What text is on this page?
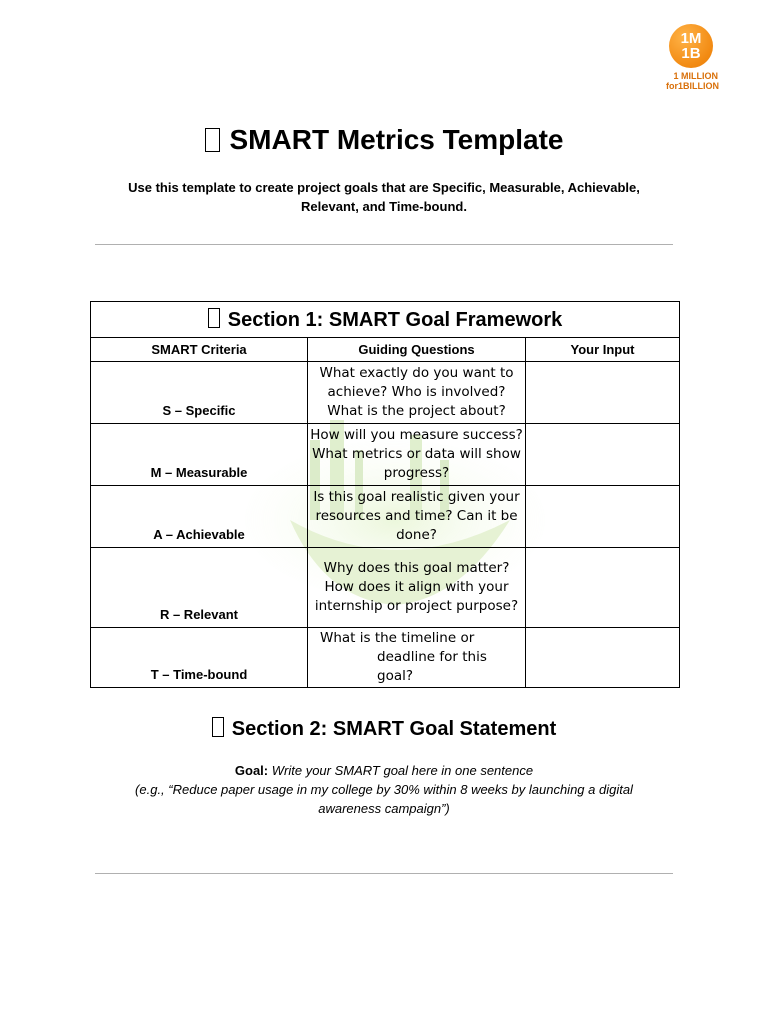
1M
1B
1 MILLION
for1BILLION
SMART Metrics Template
Use this template to create project goals that are Specific, Measurable, Achievable, Relevant, and Time-bound.
Section 1: SMART Goal Framework		
SMART Criteria	Guiding Questions	Your Input
S – Specific	What exactly do you want to achieve? Who is involved? What is the project about?	
M – Measurable	How will you measure success? What metrics or data will show progress?	
A – Achievable	Is this goal realistic given your resources and time? Can it be done?	
R – Relevant	Why does this goal matter? How does it align with your internship or project purpose?	
T – Time-bound	What is the timeline or
deadline for this
goal?	

Section 2: SMART Goal Statement
Goal: Write your SMART goal here in one sentence
(e.g., “Reduce paper usage in my college by 30% within 8 weeks by launching a digital awareness campaign”)
